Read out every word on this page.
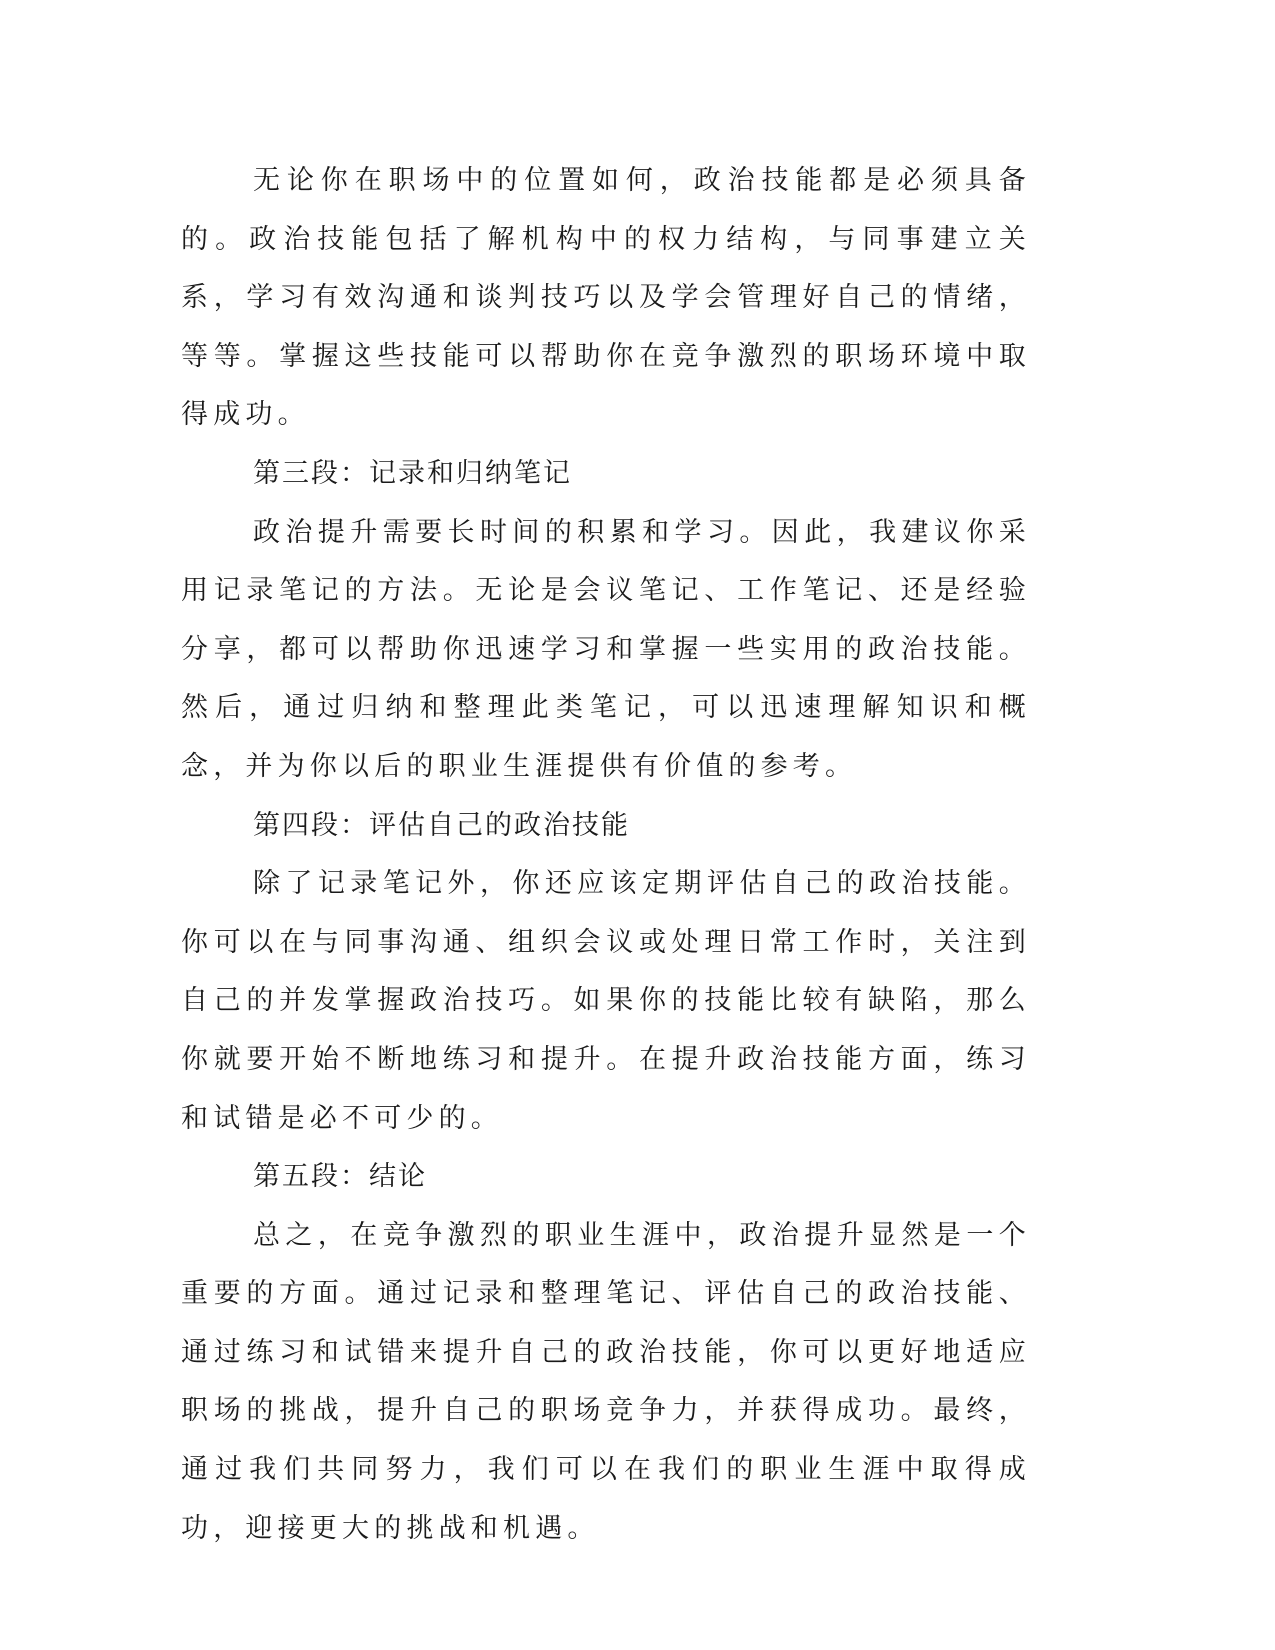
无论你在职场中的位置如何，政治技能都是必须具备的。政治技能包括了解机构中的权力结构，与同事建立关系，学习有效沟通和谈判技巧以及学会管理好自己的情绪，等等。掌握这些技能可以帮助你在竞争激烈的职场环境中取得成功。

第三段：记录和归纳笔记

政治提升需要长时间的积累和学习。因此，我建议你采用记录笔记的方法。无论是会议笔记、工作笔记、还是经验分享，都可以帮助你迅速学习和掌握一些实用的政治技能。然后，通过归纳和整理此类笔记，可以迅速理解知识和概念，并为你以后的职业生涯提供有价值的参考。

第四段：评估自己的政治技能

除了记录笔记外，你还应该定期评估自己的政治技能。你可以在与同事沟通、组织会议或处理日常工作时，关注到自己的并发掌握政治技巧。如果你的技能比较有缺陷，那么你就要开始不断地练习和提升。在提升政治技能方面，练习和试错是必不可少的。

第五段：结论

总之，在竞争激烈的职业生涯中，政治提升显然是一个重要的方面。通过记录和整理笔记、评估自己的政治技能、通过练习和试错来提升自己的政治技能，你可以更好地适应职场的挑战，提升自己的职场竞争力，并获得成功。最终，通过我们共同努力，我们可以在我们的职业生涯中取得成功，迎接更大的挑战和机遇。
